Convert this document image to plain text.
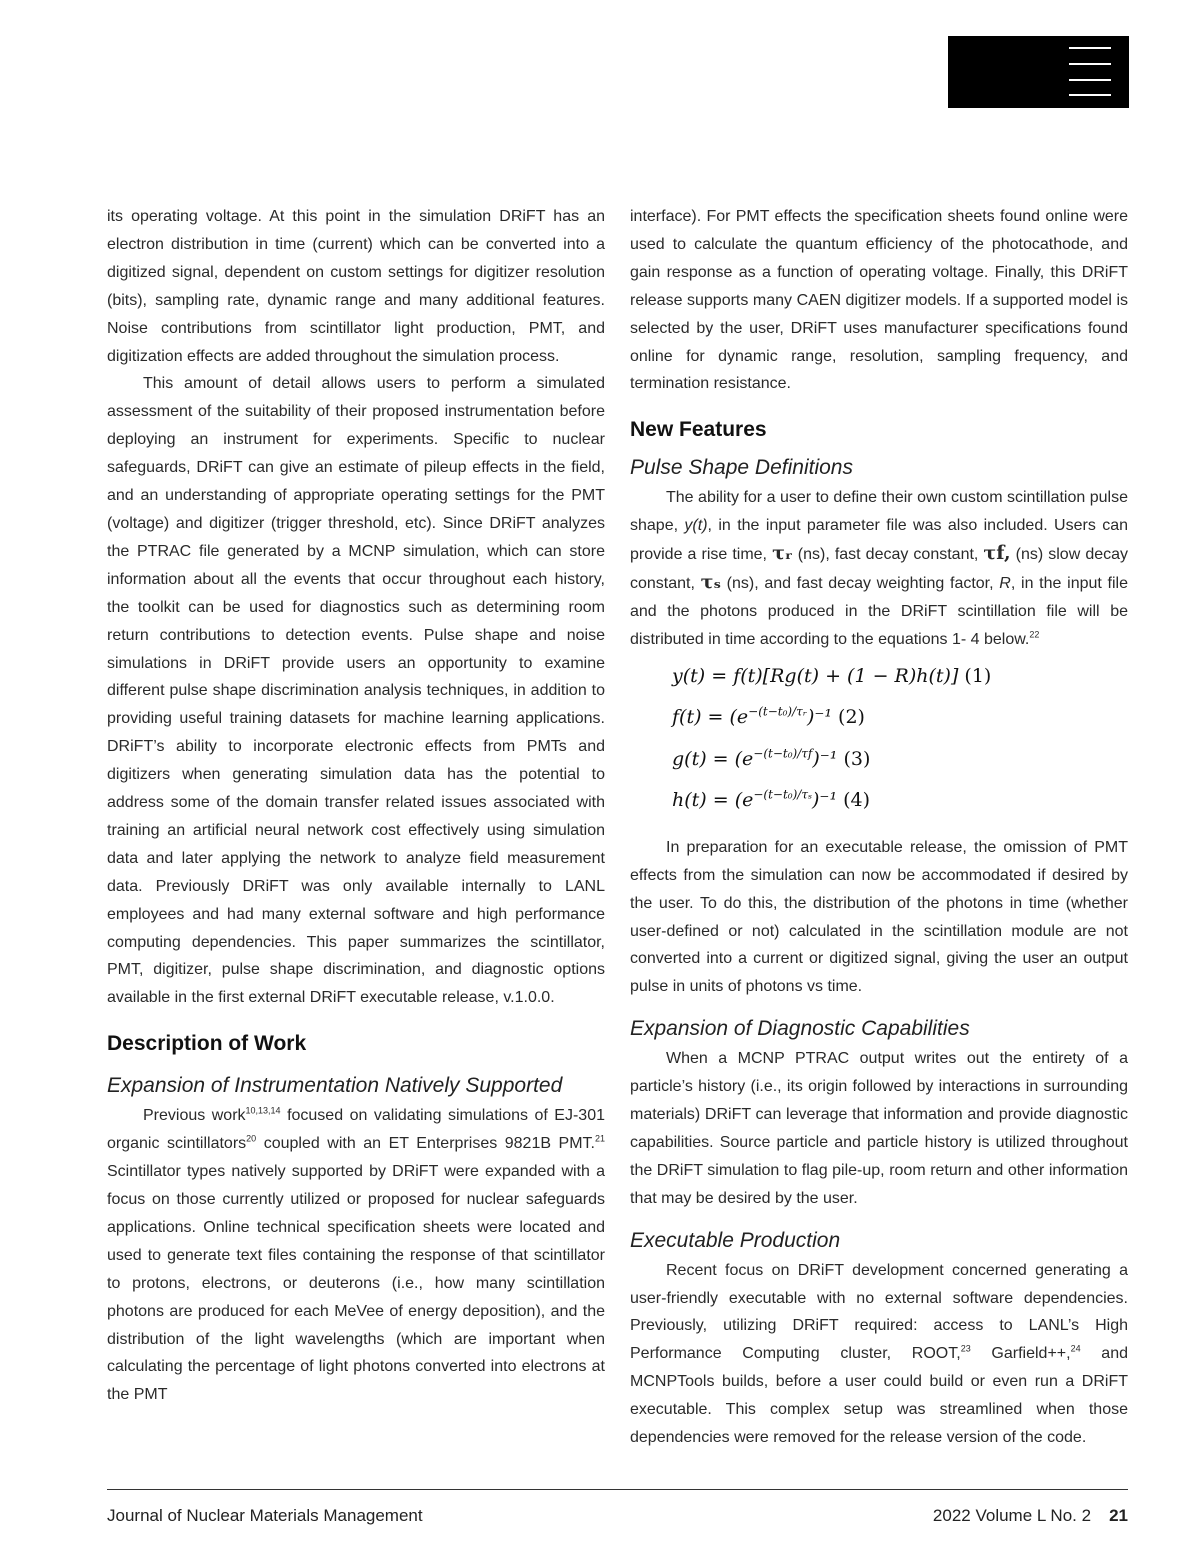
its operating voltage. At this point in the simulation DRiFT has an electron distribution in time (current) which can be converted into a digitized signal, dependent on custom settings for digitizer resolution (bits), sampling rate, dynamic range and many additional features. Noise contributions from scintillator light production, PMT, and digitization effects are added throughout the simulation process.

This amount of detail allows users to perform a simulated assessment of the suitability of their proposed instrumentation before deploying an instrument for experiments. Specific to nuclear safeguards, DRiFT can give an estimate of pileup effects in the field, and an understanding of appropriate operating settings for the PMT (voltage) and digitizer (trigger threshold, etc). Since DRiFT analyzes the PTRAC file generated by a MCNP simulation, which can store information about all the events that occur throughout each history, the toolkit can be used for diagnostics such as determining room return contributions to detection events. Pulse shape and noise simulations in DRiFT provide users an opportunity to examine different pulse shape discrimination analysis techniques, in addition to providing useful training datasets for machine learning applications. DRiFT’s ability to incorporate electronic effects from PMTs and digitizers when generating simulation data has the potential to address some of the domain transfer related issues associated with training an artificial neural network cost effectively using simulation data and later applying the network to analyze field measurement data. Previously DRiFT was only available internally to LANL employees and had many external software and high performance computing dependencies. This paper summarizes the scintillator, PMT, digitizer, pulse shape discrimination, and diagnostic options available in the first external DRiFT executable release, v.1.0.0.

Description of Work
Expansion of Instrumentation Natively Supported

Previous work$^{10,13,14}$ focused on validating simulations of EJ-301 organic scintillators$^{20}$ coupled with an ET Enterprises 9821B PMT.$^{21}$ Scintillator types natively supported by DRiFT were expanded with a focus on those currently utilized or proposed for nuclear safeguards applications. Online technical specification sheets were located and used to generate text files containing the response of that scintillator to protons, electrons, or deuterons (i.e., how many scintillation photons are produced for each MeVee of energy deposition), and the distribution of the light wavelengths (which are important when calculating the percentage of light photons converted into electrons at the PMT

interface). For PMT effects the specification sheets found online were used to calculate the quantum efficiency of the photocathode, and gain response as a function of operating voltage. Finally, this DRiFT release supports many CAEN digitizer models. If a supported model is selected by the user, DRiFT uses manufacturer specifications found online for dynamic range, resolution, sampling frequency, and termination resistance.

New Features
Pulse Shape Definitions

The ability for a user to define their own custom scintillation pulse shape, y(t), in the input parameter file was also included. Users can provide a rise time, τᵣ (ns), fast decay constant, τf, (ns) slow decay constant, τₛ (ns), and fast decay weighting factor, R, in the input file and the photons produced in the DRiFT scintillation file will be distributed in time according to the equations 1- 4 below.$^{22}$

y(t) = f(t)[Rg(t) + (1 − R)h(t)] (1)
$f(t) = (e^{-(t-t_0)/\tau ᵣ})^{-1}$ (2)
$g(t) = (e^{-(t-t_0)/\tau f})^{-1}$ (3)
$h(t) = (e^{-(t-t_0)/\tau_s})^{-1}$ (4)

In preparation for an executable release, the omission of PMT effects from the simulation can now be accommodated if desired by the user. To do this, the distribution of the photons in time (whether user-defined or not) calculated in the scintillation module are not converted into a current or digitized signal, giving the user an output pulse in units of photons vs time.

Expansion of Diagnostic Capabilities

When a MCNP PTRAC output writes out the entirety of a particle’s history (i.e., its origin followed by interactions in surrounding materials) DRiFT can leverage that information and provide diagnostic capabilities. Source particle and particle history is utilized throughout the DRiFT simulation to flag pile-up, room return and other information that may be desired by the user.

Executable Production

Recent focus on DRiFT development concerned generating a user-friendly executable with no external software dependencies. Previously, utilizing DRiFT required: access to LANL’s High Performance Computing cluster, ROOT,$^{23}$ Garfield++,$^{24}$ and MCNPTools builds, before a user could build or even run a DRiFT executable. This complex setup was streamlined when those dependencies were removed for the release version of the code.

Journal of Nuclear Materials Management	2022 Volume L No. 2 21
